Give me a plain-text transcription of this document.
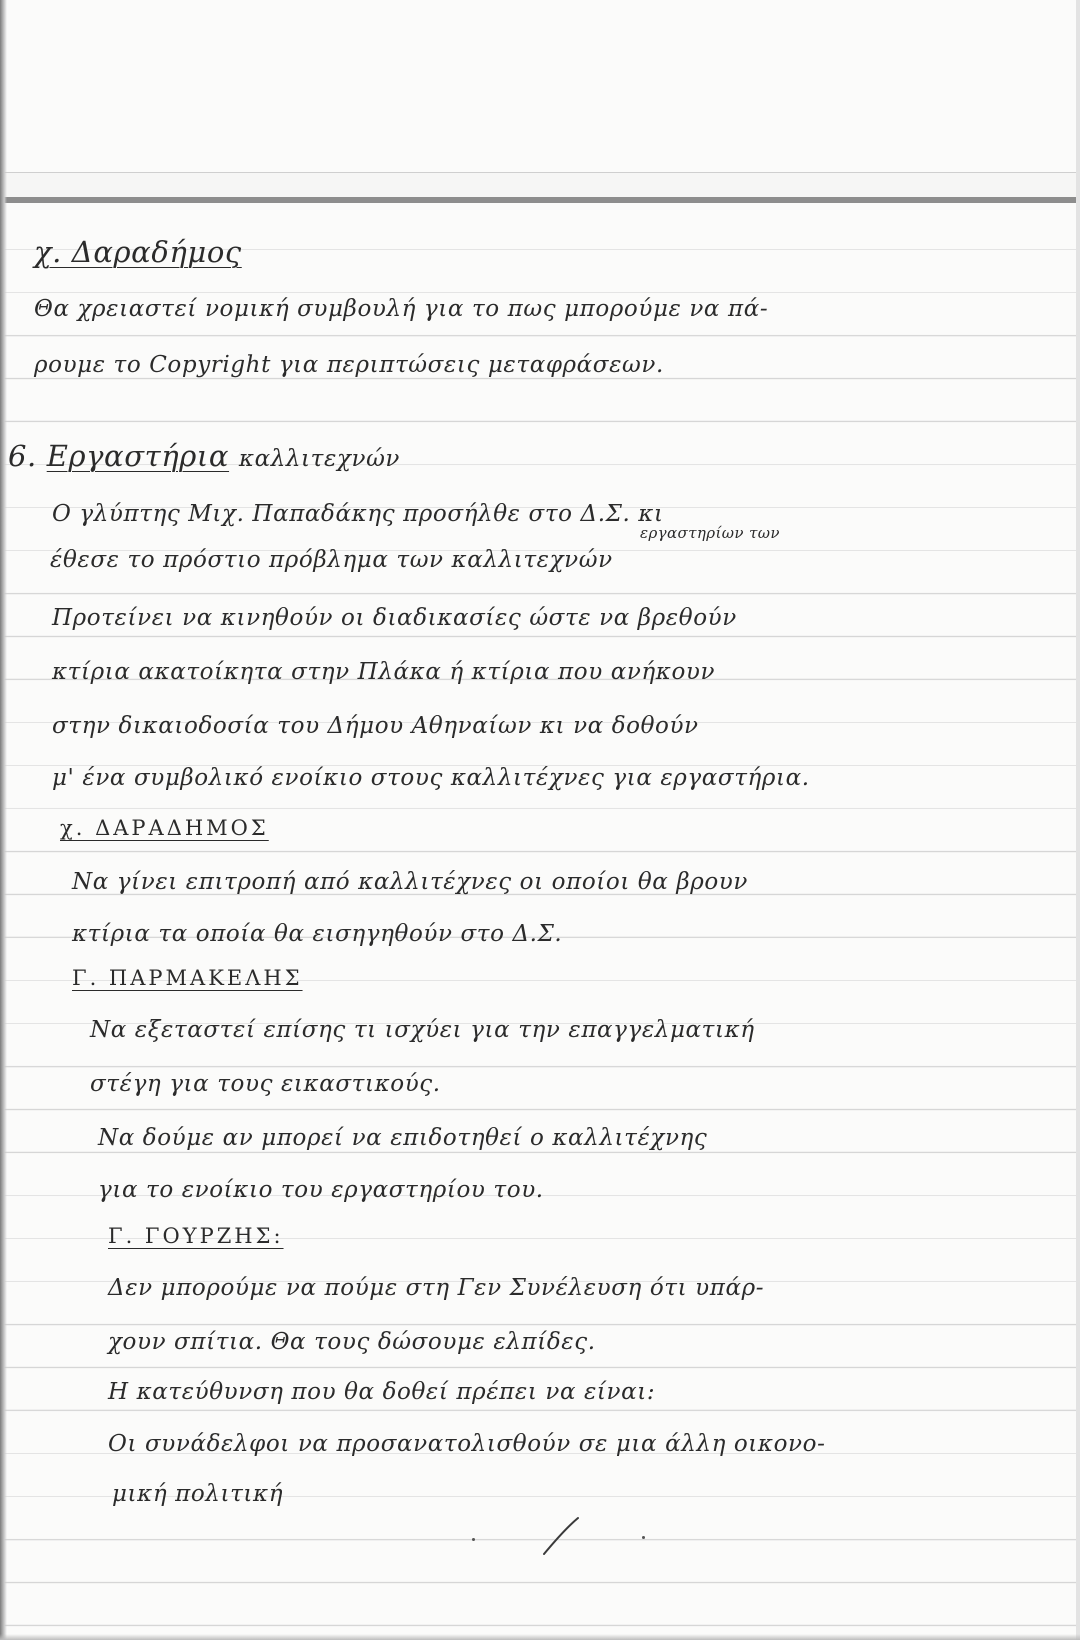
χ. Δαραδήμος
Θα χρειαστεί νομική συμβουλή για το πως μπορούμε να πά-
ρουμε το Copyright για περιπτώσεις μεταφράσεων.
6. Εργαστήρια καλλιτεχνών
Ο γλύπτης Μιχ. Παπαδάκης προσήλθε στο Δ.Σ. κι
εργαστηρίων των
έθεσε το πρόστιο πρόβλημα των καλλιτεχνών
Προτείνει να κινηθούν οι διαδικασίες ώστε να βρεθούν
κτίρια ακατοίκητα στην Πλάκα ή κτίρια που ανήκουν
στην δικαιοδοσία του Δήμου Αθηναίων κι να δοθούν
μ' ένα συμβολικό ενοίκιο στους καλλιτέχνες για εργαστήρια.
χ. ΔΑΡΑΔΗΜΟΣ
Να γίνει επιτροπή από καλλιτέχνες οι οποίοι θα βρουν
κτίρια τα οποία θα εισηγηθούν στο Δ.Σ.
Γ. ΠΑΡΜΑΚΕΛΗΣ
Να εξεταστεί επίσης τι ισχύει για την επαγγελματική
στέγη για τους εικαστικούς.
Να δούμε αν μπορεί να επιδοτηθεί ο καλλιτέχνης
για το ενοίκιο του εργαστηρίου του.
Γ. ΓΟΥΡΖΗΣ:
Δεν μπορούμε να πούμε στη Γεν Συνέλευση ότι υπάρ-
χουν σπίτια. Θα τους δώσουμε ελπίδες.
Η κατεύθυνση που θα δοθεί πρέπει να είναι:
Οι συνάδελφοι να προσανατολισθούν σε μια άλλη οικονο-
μική πολιτική
